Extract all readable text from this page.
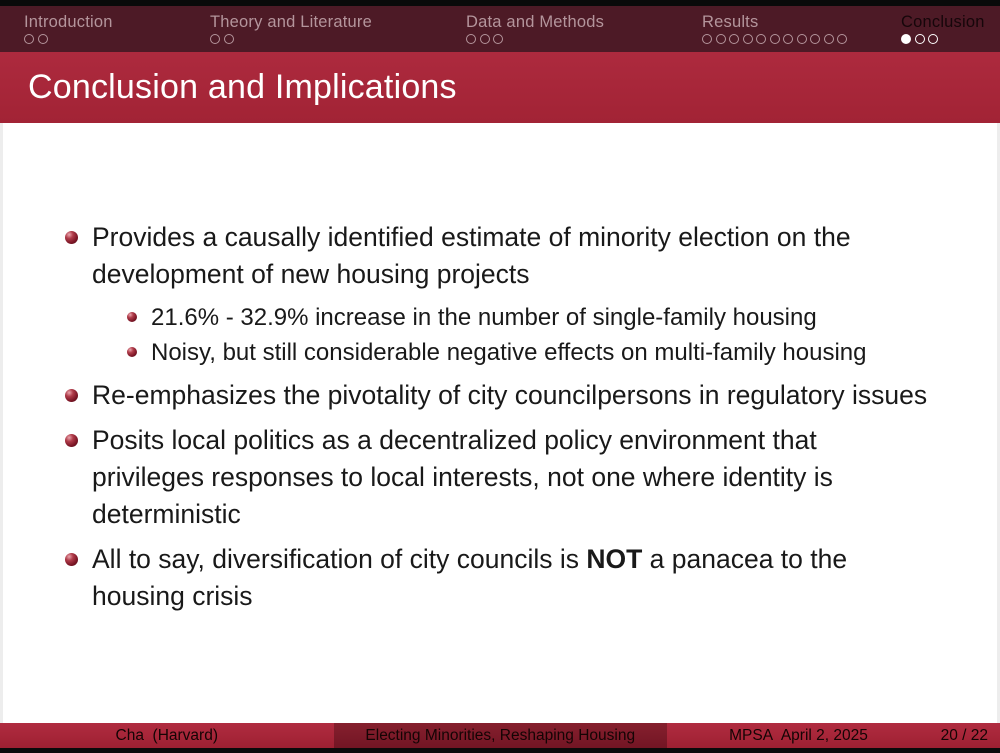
Introduction	Theory and Literature	Data and Methods	Results	Conclusion
Conclusion and Implications
Provides a causally identified estimate of minority election on the
development of new housing projects
21.6% - 32.9% increase in the number of single-family housing
Noisy, but still considerable negative effects on multi-family housing
Re-emphasizes the pivotality of city councilpersons in regulatory issues
Posits local politics as a decentralized policy environment that
privileges responses to local interests, not one where identity is
deterministic
All to say, diversification of city councils is NOT a panacea to the
housing crisis
Cha  (Harvard)	Electing Minorities, Reshaping Housing	MPSA  April 2, 2025	20 / 22
